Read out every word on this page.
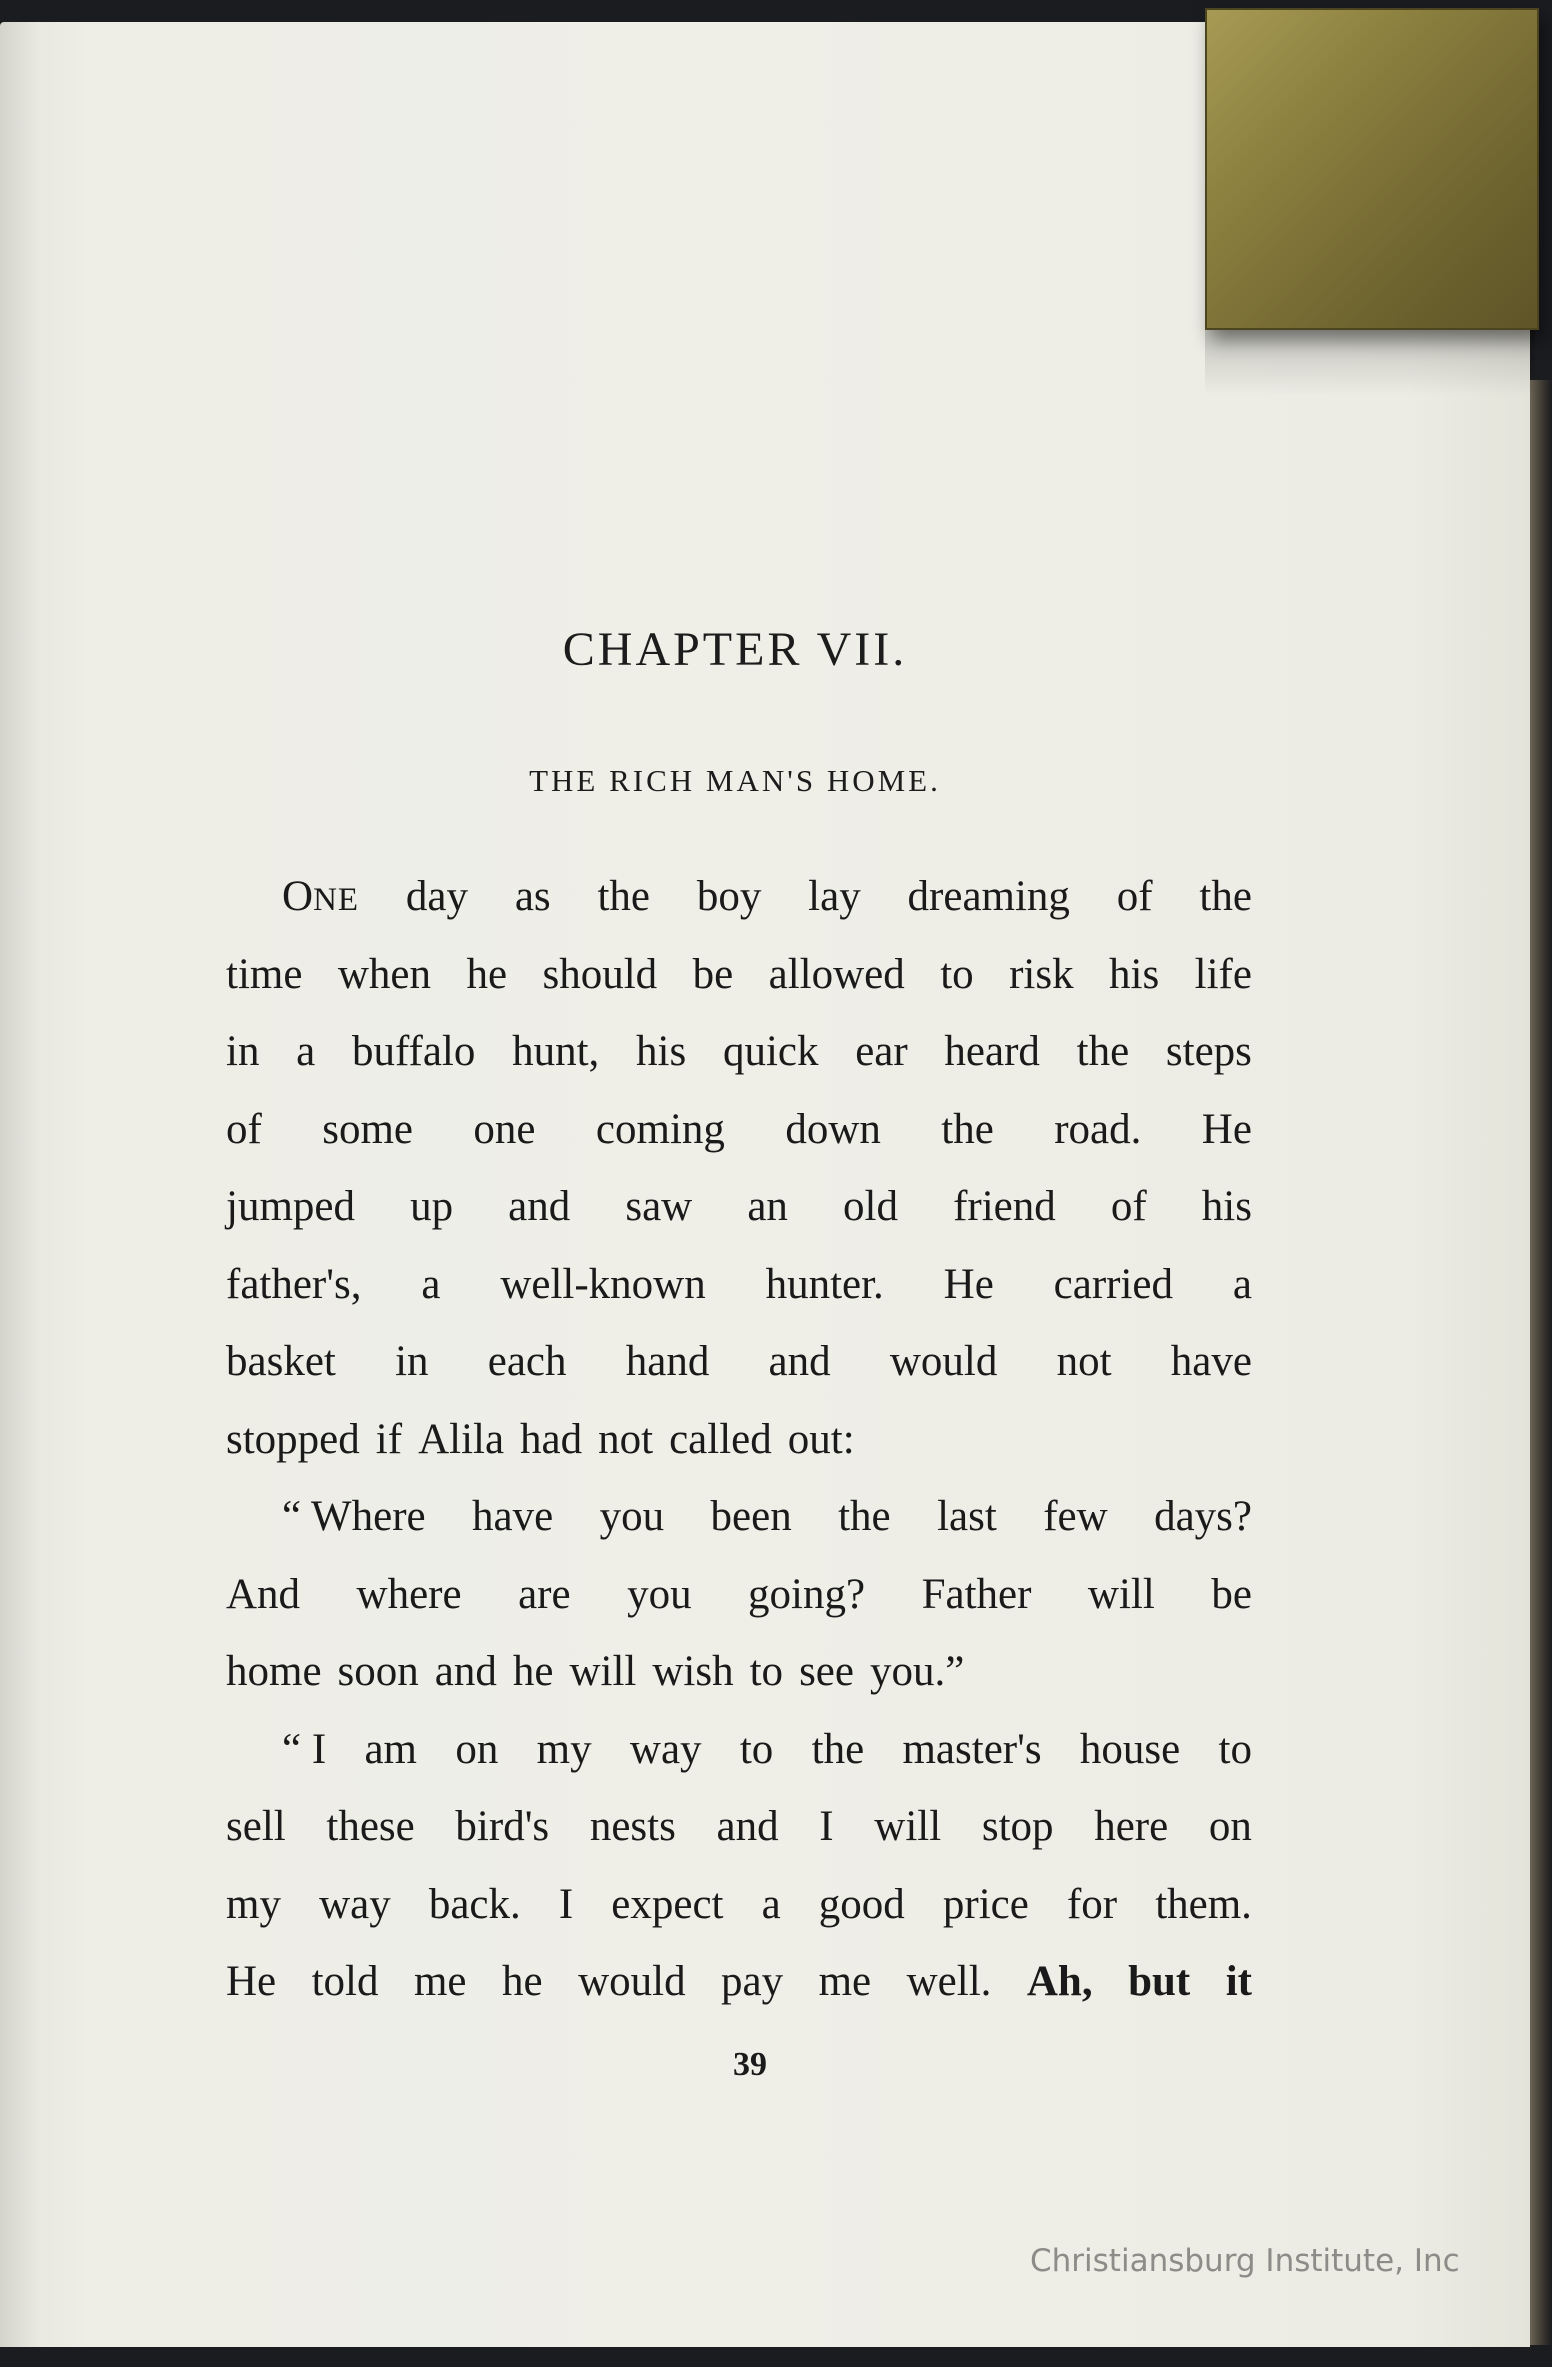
CHAPTER VII.
THE RICH MAN'S HOME.
ONE day as the boy lay dreaming of the
time when he should be allowed to risk his life
in a buffalo hunt, his quick ear heard the steps
of some one coming down the road. He
jumped up and saw an old friend of his
father's, a well-known hunter. He carried a
basket in each hand and would not have
stopped if Alila had not called out:
“ Where have you been the last few days?
And where are you going? Father will be
home soon and he will wish to see you.”
“ I am on my way to the master's house to
sell these bird's nests and I will stop here on
my way back. I expect a good price for them.
He told me he would pay me well. Ah, but it

39

Christiansburg Institute, Inc
